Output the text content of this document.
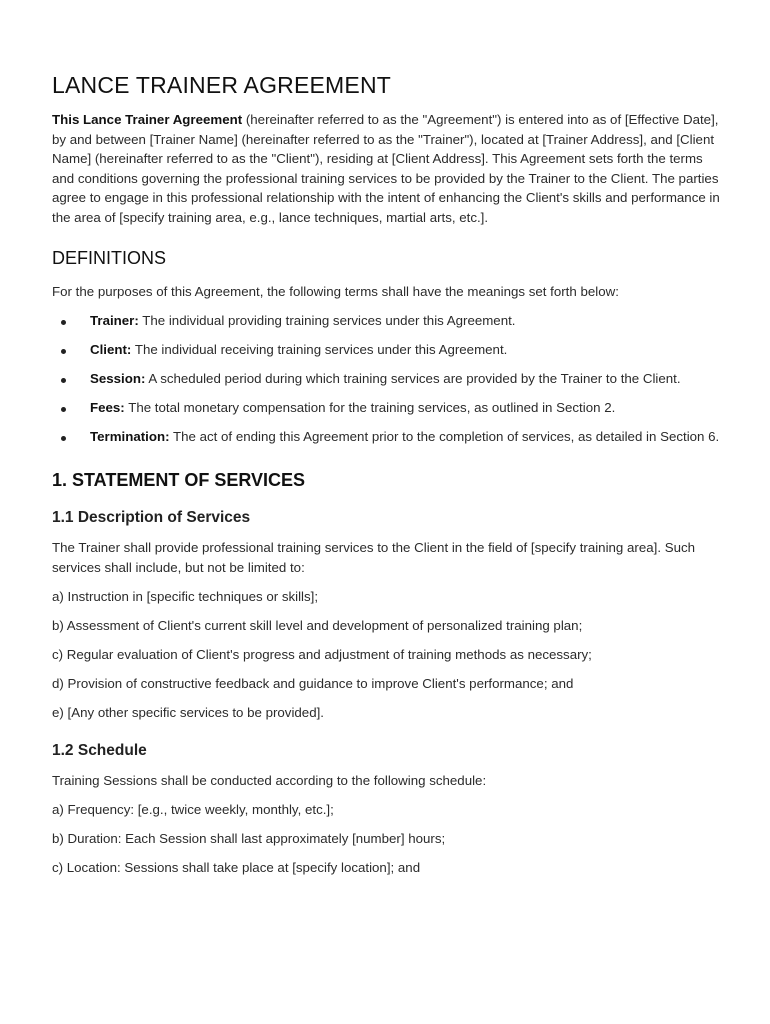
LANCE TRAINER AGREEMENT

This Lance Trainer Agreement (hereinafter referred to as the "Agreement") is entered into as of [Effective Date], by and between [Trainer Name] (hereinafter referred to as the "Trainer"), located at [Trainer Address], and [Client Name] (hereinafter referred to as the "Client"), residing at [Client Address]. This Agreement sets forth the terms and conditions governing the professional training services to be provided by the Trainer to the Client. The parties agree to engage in this professional relationship with the intent of enhancing the Client's skills and performance in the area of [specify training area, e.g., lance techniques, martial arts, etc.].

DEFINITIONS

For the purposes of this Agreement, the following terms shall have the meanings set forth below:

Trainer: The individual providing training services under this Agreement.
Client: The individual receiving training services under this Agreement.
Session: A scheduled period during which training services are provided by the Trainer to the Client.
Fees: The total monetary compensation for the training services, as outlined in Section 2.
Termination: The act of ending this Agreement prior to the completion of services, as detailed in Section 6.
1. STATEMENT OF SERVICES
1.1 Description of Services

The Trainer shall provide professional training services to the Client in the field of [specify training area]. Such services shall include, but not be limited to:

a) Instruction in [specific techniques or skills];

b) Assessment of Client's current skill level and development of personalized training plan;

c) Regular evaluation of Client's progress and adjustment of training methods as necessary;

d) Provision of constructive feedback and guidance to improve Client's performance; and

e) [Any other specific services to be provided].

1.2 Schedule

Training Sessions shall be conducted according to the following schedule:

a) Frequency: [e.g., twice weekly, monthly, etc.];

b) Duration: Each Session shall last approximately [number] hours;

c) Location: Sessions shall take place at [specify location]; and
